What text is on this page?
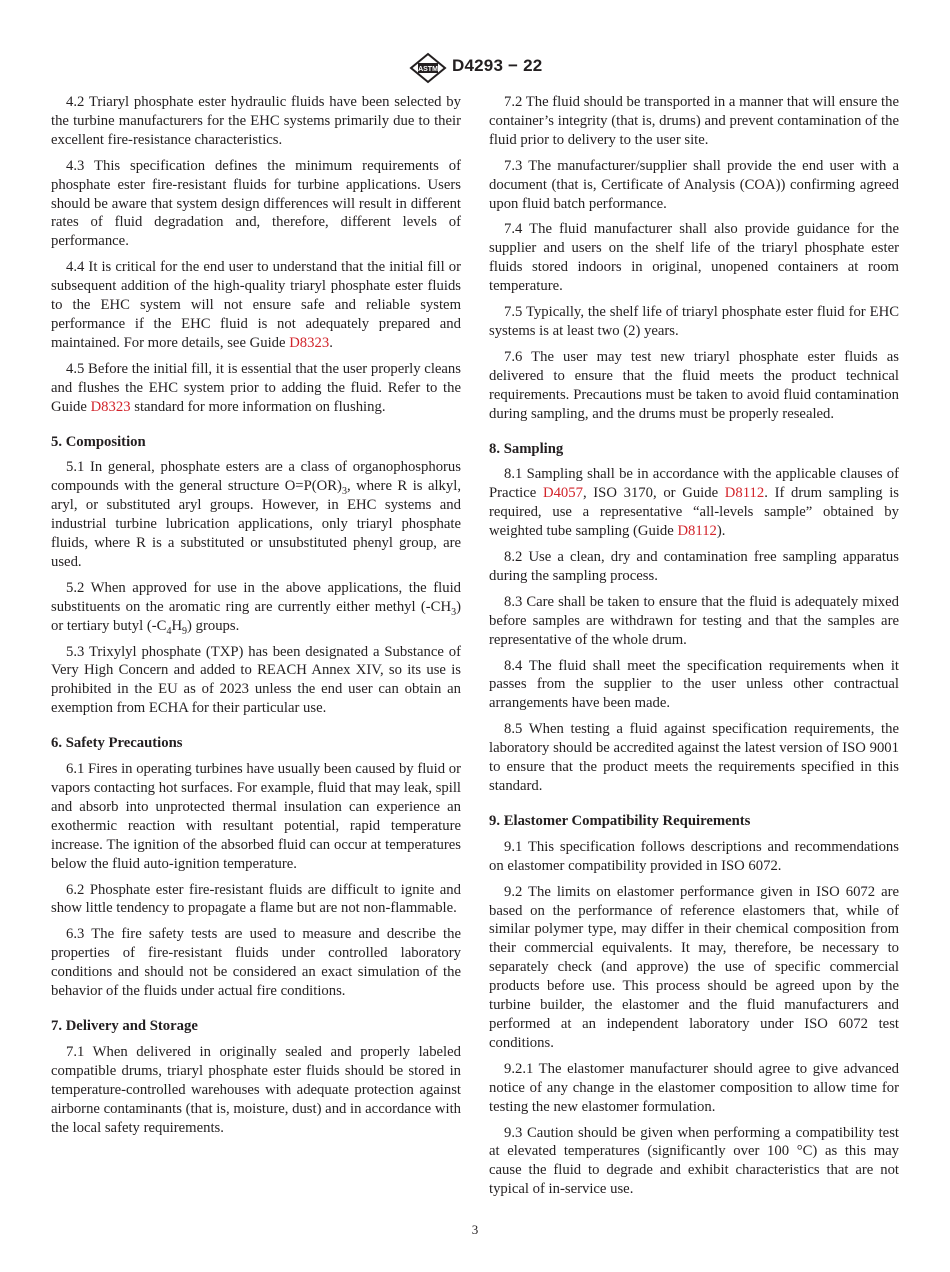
ASTM D4293 − 22

4.2 Triaryl phosphate ester hydraulic fluids have been selected by the turbine manufacturers for the EHC systems primarily due to their excellent fire-resistance characteristics.

4.3 This specification defines the minimum requirements of phosphate ester fire-resistant fluids for turbine applications. Users should be aware that system design differences will result in different rates of fluid degradation and, therefore, different levels of performance.

4.4 It is critical for the end user to understand that the initial fill or subsequent addition of the high-quality triaryl phosphate ester fluids to the EHC system will not ensure safe and reliable system performance if the EHC fluid is not adequately prepared and maintained. For more details, see Guide D8323.

4.5 Before the initial fill, it is essential that the user properly cleans and flushes the EHC system prior to adding the fluid. Refer to the Guide D8323 standard for more information on flushing.

5. Composition

5.1 In general, phosphate esters are a class of organophosphorus compounds with the general structure $O=P(OR)_3$, where R is alkyl, aryl, or substituted aryl groups. However, in EHC systems and industrial turbine lubrication applications, only triaryl phosphate fluids, where R is a substituted or unsubstituted phenyl group, are used.

5.2 When approved for use in the above applications, the fluid substituents on the aromatic ring are currently either methyl $(-CH_3)$ or tertiary butyl $(-C_4H_9)$ groups.

5.3 Trixylyl phosphate (TXP) has been designated a Substance of Very High Concern and added to REACH Annex XIV, so its use is prohibited in the EU as of 2023 unless the end user can obtain an exemption from ECHA for their particular use.

6. Safety Precautions

6.1 Fires in operating turbines have usually been caused by fluid or vapors contacting hot surfaces. For example, fluid that may leak, spill and absorb into unprotected thermal insulation can experience an exothermic reaction with resultant potential, rapid temperature increase. The ignition of the absorbed fluid can occur at temperatures below the fluid auto-ignition temperature.

6.2 Phosphate ester fire-resistant fluids are difficult to ignite and show little tendency to propagate a flame but are not non-flammable.

6.3 The fire safety tests are used to measure and describe the properties of fire-resistant fluids under controlled laboratory conditions and should not be considered an exact simulation of the behavior of the fluids under actual fire conditions.

7. Delivery and Storage

7.1 When delivered in originally sealed and properly labeled compatible drums, triaryl phosphate ester fluids should be stored in temperature-controlled warehouses with adequate protection against airborne contaminants (that is, moisture, dust) and in accordance with the local safety requirements.

7.2 The fluid should be transported in a manner that will ensure the container’s integrity (that is, drums) and prevent contamination of the fluid prior to delivery to the user site.

7.3 The manufacturer/supplier shall provide the end user with a document (that is, Certificate of Analysis (COA)) confirming agreed upon fluid batch performance.

7.4 The fluid manufacturer shall also provide guidance for the supplier and users on the shelf life of the triaryl phosphate ester fluids stored indoors in original, unopened containers at room temperature.

7.5 Typically, the shelf life of triaryl phosphate ester fluid for EHC systems is at least two (2) years.

7.6 The user may test new triaryl phosphate ester fluids as delivered to ensure that the fluid meets the product technical requirements. Precautions must be taken to avoid fluid contamination during sampling, and the drums must be properly resealed.

8. Sampling

8.1 Sampling shall be in accordance with the applicable clauses of Practice D4057, ISO 3170, or Guide D8112. If drum sampling is required, use a representative “all-levels sample” obtained by weighted tube sampling (Guide D8112).

8.2 Use a clean, dry and contamination free sampling apparatus during the sampling process.

8.3 Care shall be taken to ensure that the fluid is adequately mixed before samples are withdrawn for testing and that the samples are representative of the whole drum.

8.4 The fluid shall meet the specification requirements when it passes from the supplier to the user unless other contractual arrangements have been made.

8.5 When testing a fluid against specification requirements, the laboratory should be accredited against the latest version of ISO 9001 to ensure that the product meets the requirements specified in this standard.

9. Elastomer Compatibility Requirements

9.1 This specification follows descriptions and recommendations on elastomer compatibility provided in ISO 6072.

9.2 The limits on elastomer performance given in ISO 6072 are based on the performance of reference elastomers that, while of similar polymer type, may differ in their chemical composition from their commercial equivalents. It may, therefore, be necessary to separately check (and approve) the use of specific commercial products before use. This process should be agreed upon by the turbine builder, the elastomer and the fluid manufacturers and performed at an independent laboratory under ISO 6072 test conditions.

9.2.1 The elastomer manufacturer should agree to give advanced notice of any change in the elastomer composition to allow time for testing the new elastomer formulation.

9.3 Caution should be given when performing a compatibility test at elevated temperatures (significantly over 100 °C) as this may cause the fluid to degrade and exhibit characteristics that are not typical of in-service use.

3
